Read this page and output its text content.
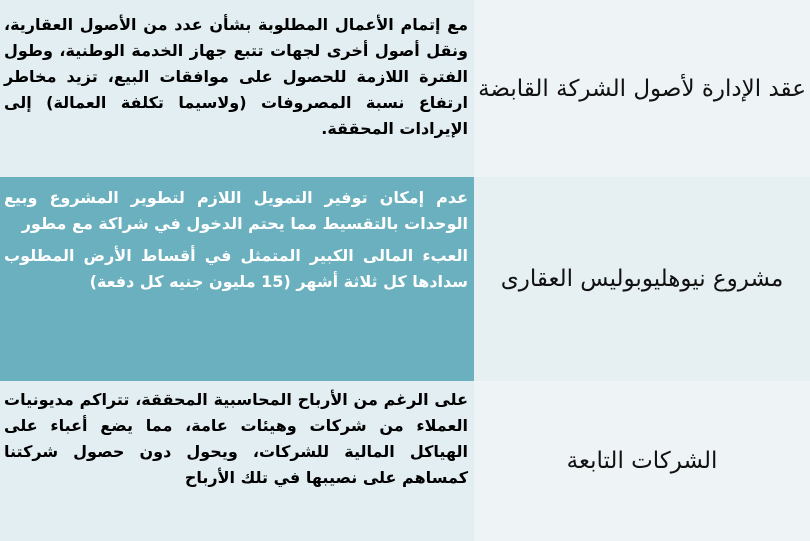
عقد الإدارة لأصول الشركة القابضة
مع إتمام الأعمال المطلوبة بشأن عدد من الأصول العقارية، ونقل أصول أخرى لجهات تتبع جهاز الخدمة الوطنية، وطول الفترة اللازمة للحصول على موافقات البيع، تزيد مخاطر ارتفاع نسبة المصروفات (ولاسيما تكلفة العمالة) إلى الإيرادات المحققة.
مشروع نيوهليوبوليس العقارى

عدم إمكان توفير التمويل اللازم لتطوير المشروع وبيع الوحدات بالتقسيط مما يحتم الدخول في شراكة مع مطور

العبء المالى الكبير المتمثل في أقساط الأرض المطلوب سدادها كل ثلاثة أشهر (15 مليون جنيه كل دفعة)

الشركات التابعة
على الرغم من الأرباح المحاسبية المحققة، تتراكم مديونيات العملاء من شركات وهيئات عامة، مما يضع أعباء على الهياكل المالية للشركات، ويحول دون حصول شركتنا كمساهم على نصيبها في تلك الأرباح
